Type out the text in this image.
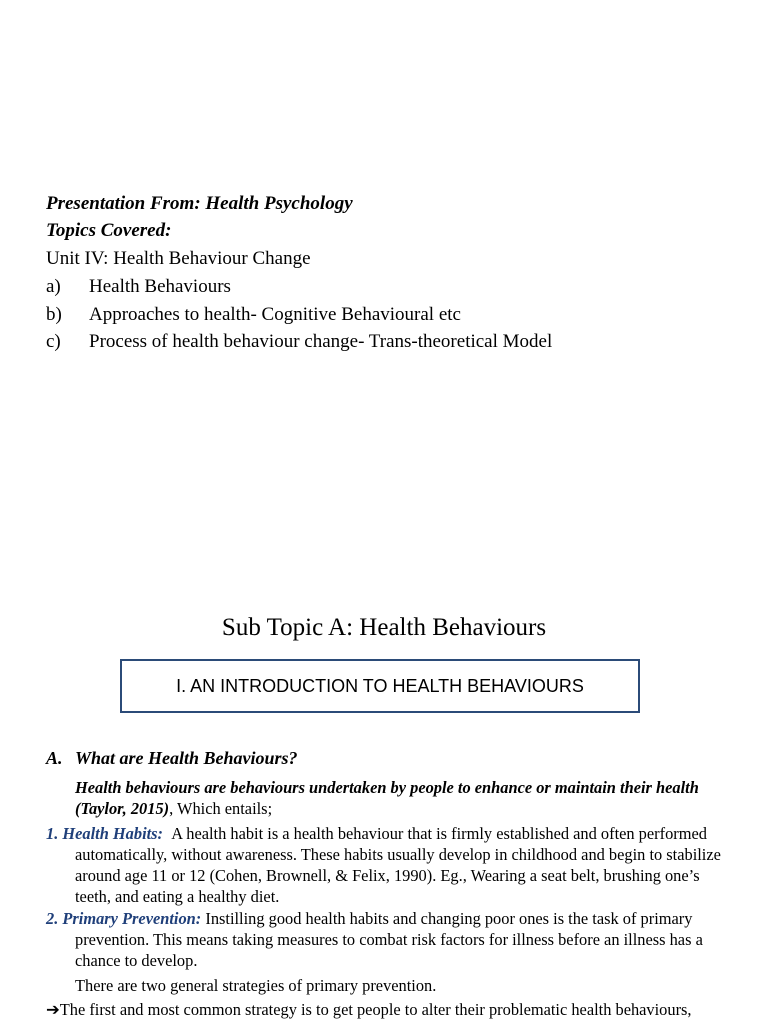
Presentation From: Health Psychology
Topics Covered:
Unit IV: Health Behaviour Change
a) Health Behaviours
b) Approaches to health- Cognitive Behavioural etc
c) Process of health behaviour change- Trans-theoretical Model
Sub Topic A: Health Behaviours
I. AN INTRODUCTION TO HEALTH BEHAVIOURS
A. What are Health Behaviours?
Health behaviours are behaviours undertaken by people to enhance or maintain their health (Taylor, 2015), Which entails;
1. Health Habits: A health habit is a health behaviour that is firmly established and often performed automatically, without awareness. These habits usually develop in childhood and begin to stabilize around age 11 or 12 (Cohen, Brownell, & Felix, 1990). Eg., Wearing a seat belt, brushing one’s teeth, and eating a healthy diet.
2. Primary Prevention: Instilling good health habits and changing poor ones is the task of primary prevention. This means taking measures to combat risk factors for illness before an illness has a chance to develop.
There are two general strategies of primary prevention.
➔The first and most common strategy is to get people to alter their problematic health behaviours,
